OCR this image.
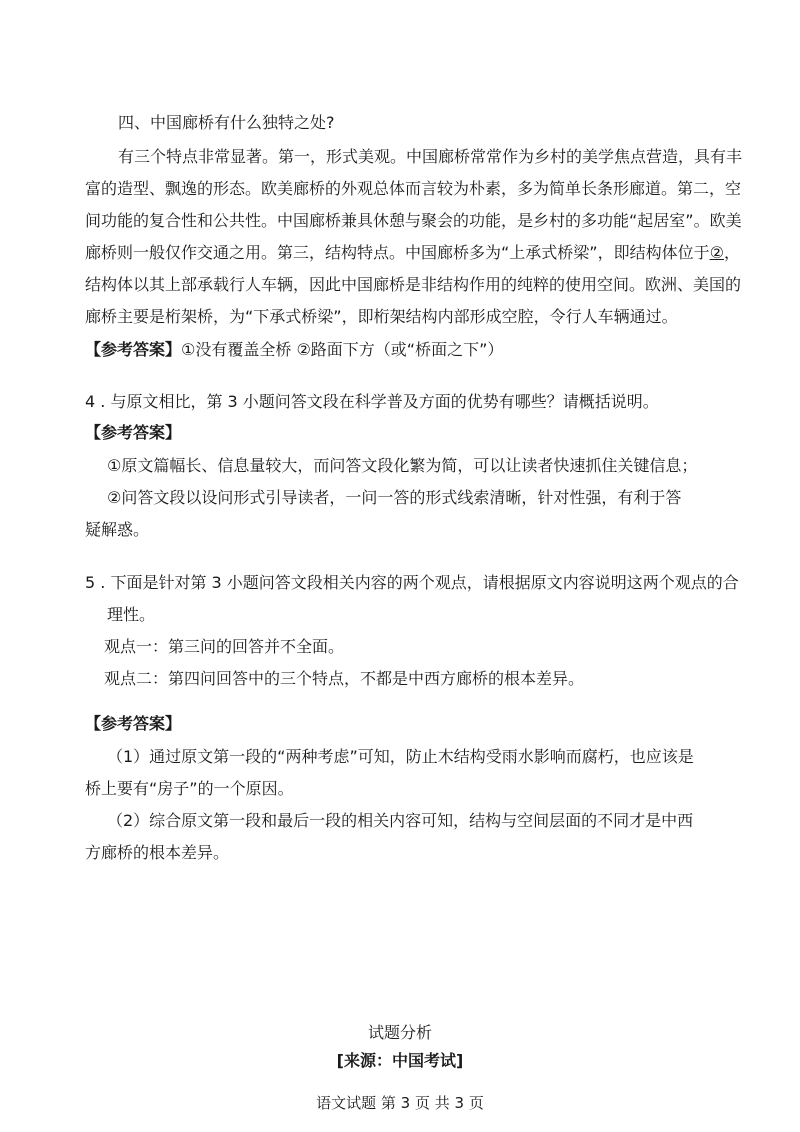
四、中国廊桥有什么独特之处?
有三个特点非常显著。第一，形式美观。中国廊桥常常作为乡村的美学焦点营造，具有丰
富的造型、飘逸的形态。欧美廊桥的外观总体而言较为朴素，多为简单长条形廊道。第二，空
间功能的复合性和公共性。中国廊桥兼具休憩与聚会的功能，是乡村的多功能“起居室”。欧美
廊桥则一般仅作交通之用。第三，结构特点。中国廊桥多为“上承式桥梁”，即结构体位于②，
结构体以其上部承载行人车辆，因此中国廊桥是非结构作用的纯粹的使用空间。欧洲、美国的
廊桥主要是桁架桥，为“下承式桥梁”，即桁架结构内部形成空腔，令行人车辆通过。
【参考答案】①没有覆盖全桥 ②路面下方（或“桥面之下”）
4 . 与原文相比，第 3 小题问答文段在科学普及方面的优势有哪些？请概括说明。
【参考答案】
①原文篇幅长、信息量较大，而问答文段化繁为简，可以让读者快速抓住关键信息；
②问答文段以设问形式引导读者，一问一答的形式线索清晰，针对性强，有利于答
疑解惑。
5 . 下面是针对第 3 小题问答文段相关内容的两个观点，请根据原文内容说明这两个观点的合
理性。
观点一：第三问的回答并不全面。
观点二：第四问回答中的三个特点，不都是中西方廊桥的根本差异。
【参考答案】
（1）通过原文第一段的“两种考虑”可知，防止木结构受雨水影响而腐朽，也应该是
桥上要有“房子”的一个原因。
（2）综合原文第一段和最后一段的相关内容可知，结构与空间层面的不同才是中西
方廊桥的根本差异。
试题分析
[来源：中国考试]
语文试题 第 3 页 共 3 页
